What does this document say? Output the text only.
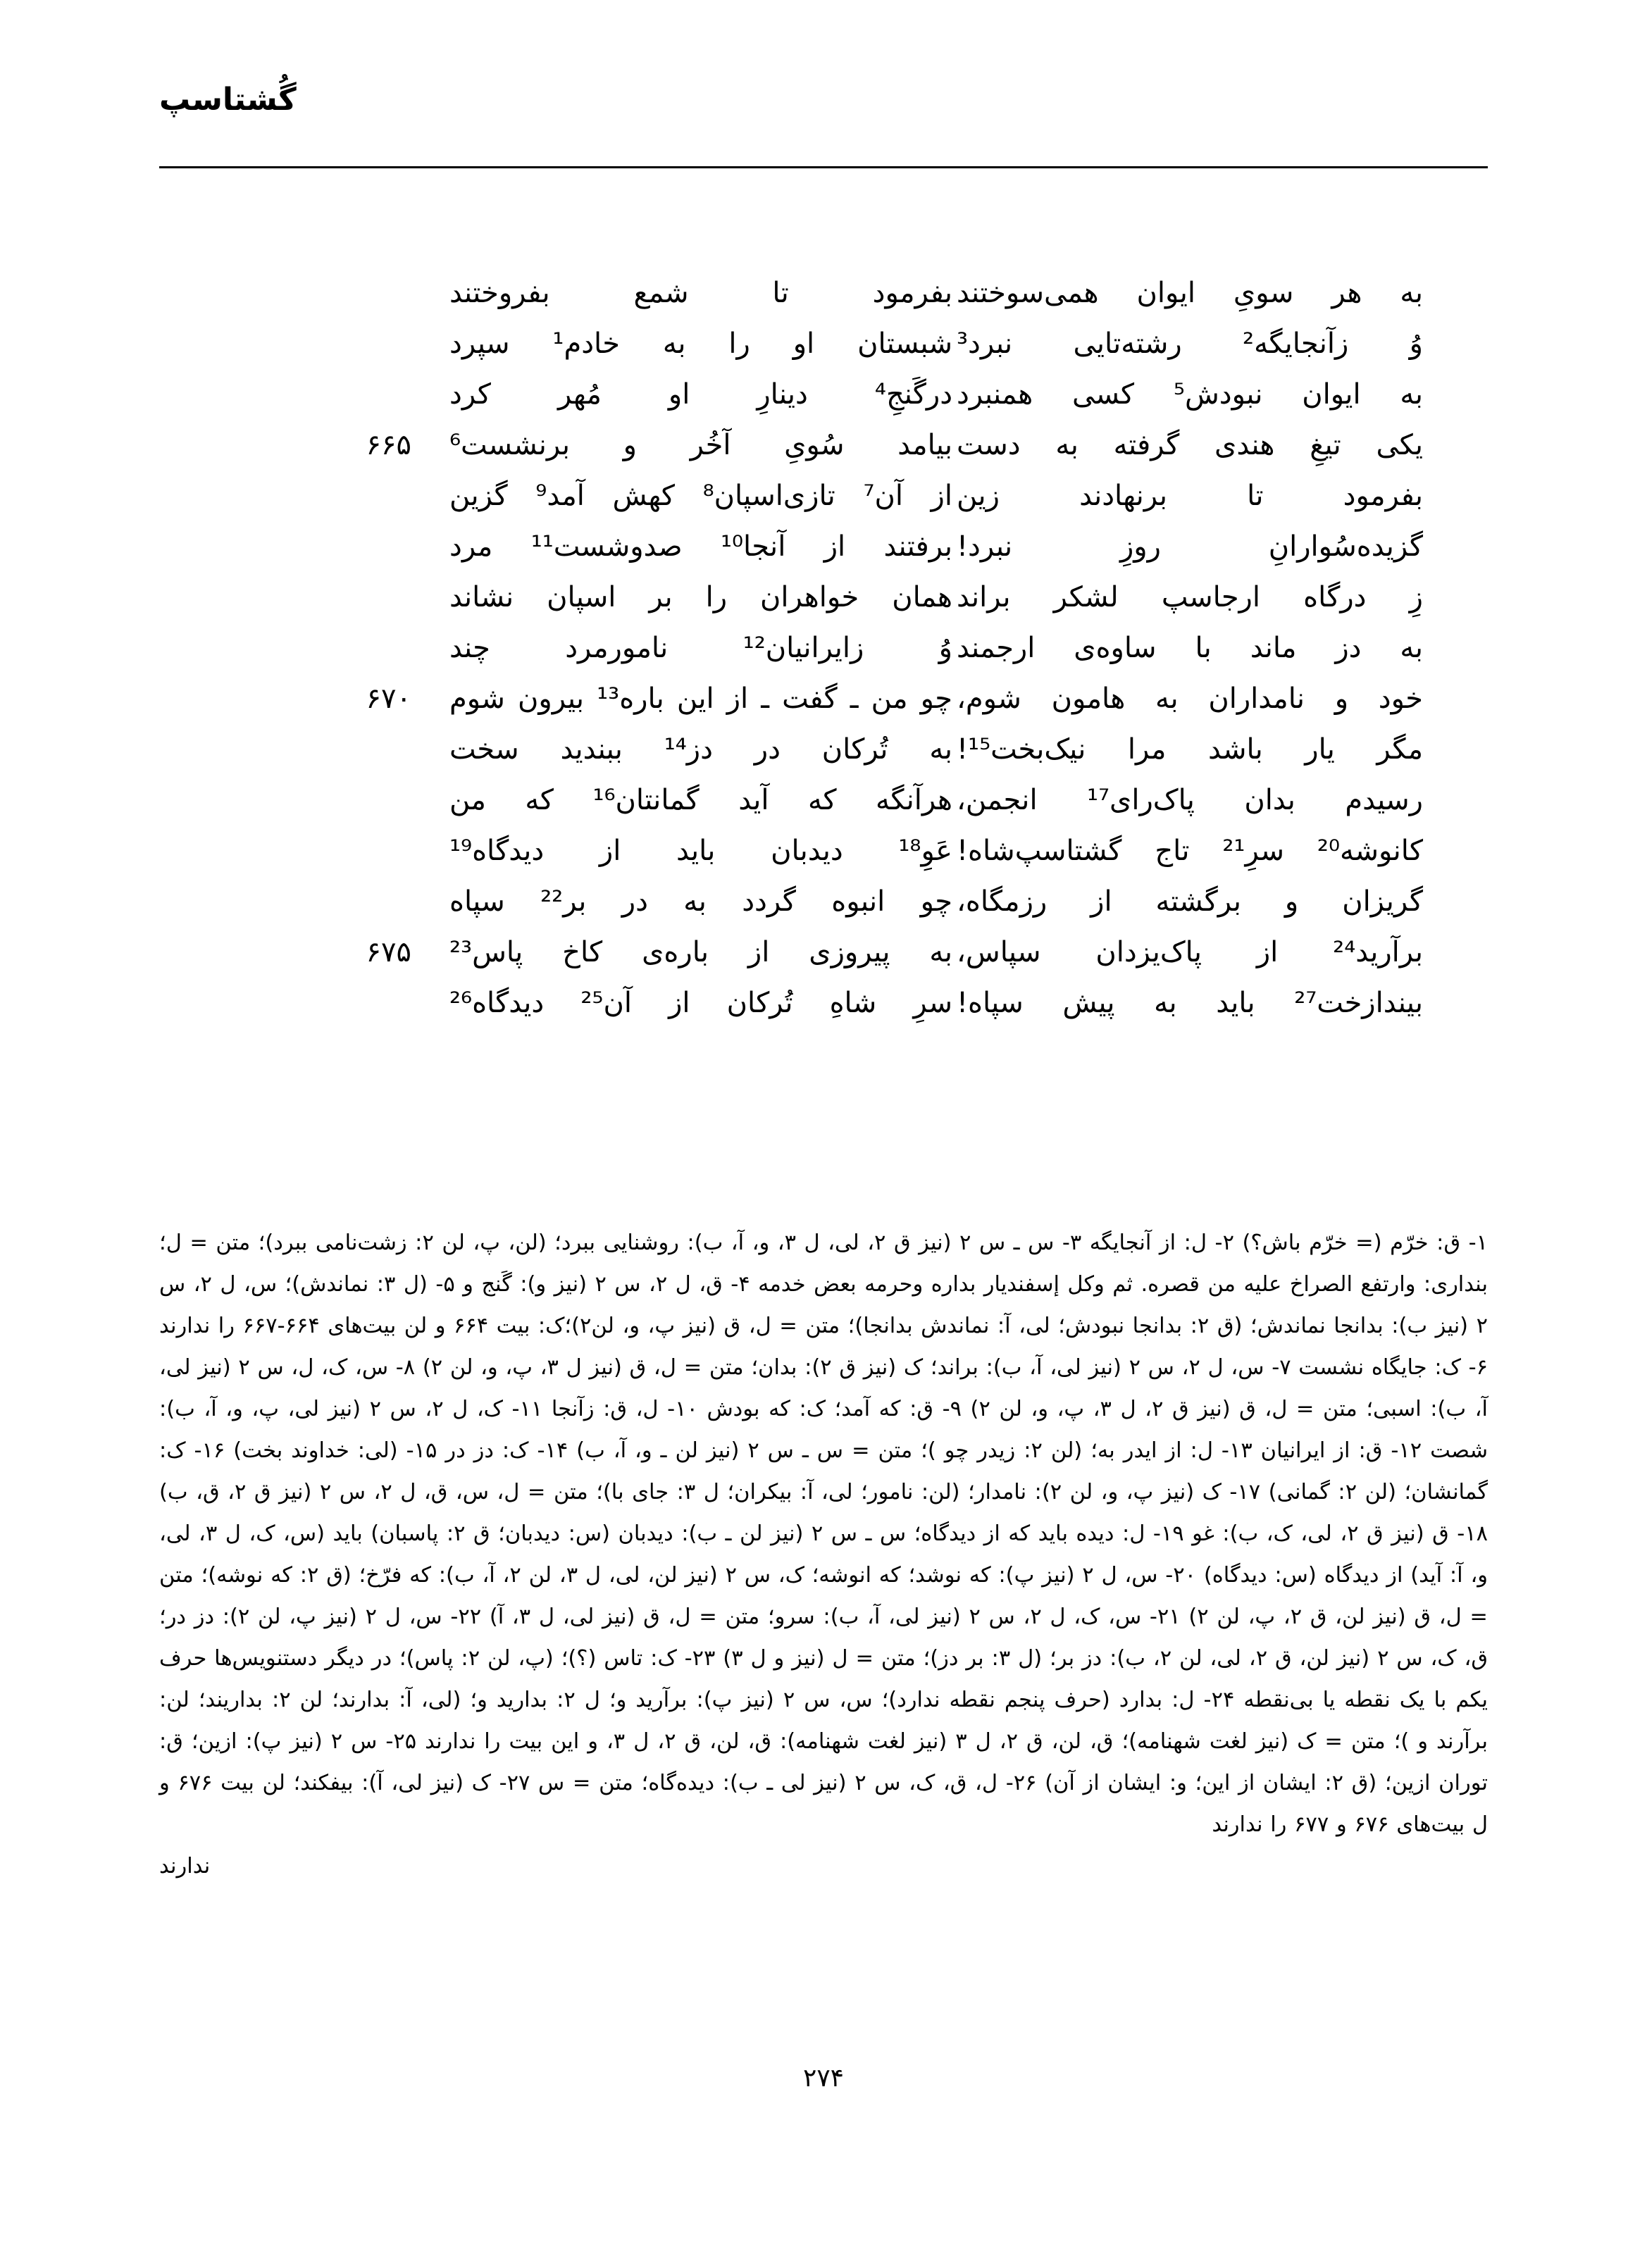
گُشتاسپ
به هر سویِ ایوان همی‌سوختند
بفرمود تا شمع بفروختند
وُ زآنجایگه² رشته‌تایی نبرد³
شبستان او را به خادم¹ سپرد
به ایوان نبودش⁵ کسی همنبرد
درگَنجِ⁴ دینارِ او مُهر کرد
یکی تیغِ هندی گرفته به دست
بیامد سُویِ آخُر و برنشست⁶
۶۶۵
بفرمود تا برنهادند زین
از آن⁷ تازی‌اسپان⁸ کهش آمد⁹ گزین
گزیده‌سُوارانِ روزِ نبرد!
برفتند از آنجا¹⁰ صدوشست¹¹ مرد
زِ درگاه ارجاسپ لشکر براند
همان خواهران را بر اسپان نشاند
به دز ماند با ساوه‌ی ارجمند
وُ زایرانیان¹² نامورمرد چند
خود و نامداران به هامون شوم،
چو من ـ گفت ـ از این باره¹³ بیرون شوم
۶۷۰
مگر یار باشد مرا نیک‌بخت¹⁵!
به تُرکان در دز¹⁴ ببندید سخت
رسیدم بدان پاک‌رای¹⁷ انجمن،
هرآنگه که آید گمانتان¹⁶ که من
کانوشه²⁰ سرِ²¹ تاج گشتاسپ‌شاه!
عَوِ¹⁸ دیدبان باید از دیدگاه¹⁹
گریزان و برگشته از رزمگاه،
چو انبوه گردد به در بر²² سپاه
برآرید²⁴ از پاک‌یزدان سپاس،
به پیروزی از باره‌ی کاخ پاس²³
۶۷۵
بیندازخت²⁷ باید به پیش سپاه!
سرِ شاهِ تُرکان از آن²⁵ دیدگاه²⁶

۱- ق: خرّم (= خرّم باش؟) ۲- ل: از آنجایگه ۳- س ـ س ۲ (نیز ق ۲، لی، ل ۳، و، آ، ب): روشنایی ببرد؛ (لن، پ، لن ۲: زشت‌نامی ببرد)؛ متن = ل؛ بنداری: وارتفع الصراخ علیه من قصره. ثم وكل إسفندیار بداره وحرمه بعض خدمه ۴- ق، ل ۲، س ۲ (نیز و): گَنج و ۵- (ل ۳: نماندش)؛ س، ل ۲، س ۲ (نیز ب): بدانجا نماندش؛ (ق ۲: بدانجا نبودش؛ لی، آ: نماندش بدانجا)؛ متن = ل، ق (نیز پ، و، لن۲)؛ک: بیت ۶۶۴ و لن بیت‌های ۶۶۴-۶۶۷ را ندارند ۶- ک: جایگاه نشست ۷- س، ل ۲، س ۲ (نیز لی، آ، ب): براند؛ ک (نیز ق ۲): بدان؛ متن = ل، ق (نیز ل ۳، پ، و، لن ۲) ۸- س، ک، ل، س ۲ (نیز لی، آ، ب): اسبی؛ متن = ل، ق (نیز ق ۲، ل ۳، پ، و، لن ۲) ۹- ق: که آمد؛ ک: که بودش ۱۰- ل، ق: زآنجا ۱۱- ک، ل ۲، س ۲ (نیز لی، پ، و، آ، ب): شصت ۱۲- ق: از ایرانیان ۱۳- ل: از ایدر به؛ (لن ۲: زیدر چو )؛ متن = س ـ س ۲ (نیز لن ـ و، آ، ب) ۱۴- ک: دز در ۱۵- (لی: خداوند بخت) ۱۶- ک: گمانشان؛ (لن ۲: گمانی) ۱۷- ک (نیز پ، و، لن ۲): نامدار؛ (لن: نامور؛ لی، آ: بیکران؛ ل ۳: جای با)؛ متن = ل، س، ق، ل ۲، س ۲ (نیز ق ۲، ق، ب) ۱۸- ق (نیز ق ۲، لی، ک، ب): غو ۱۹- ل: دیده باید که از دیدگاه؛ س ـ س ۲ (نیز لن ـ ب): دیدبان (س: دیدبان؛ ق ۲: پاسبان) باید (س، ک، ل ۳، لی، و، آ: آید) از دیدگاه (س: دیدگاه) ۲۰- س، ل ۲ (نیز پ): که نوشد؛ که انوشه؛ ک، س ۲ (نیز لن، لی، ل ۳، لن ۲، آ، ب): که فرّخ؛ (ق ۲: که نوشه)؛ متن = ل، ق (نیز لن، ق ۲، پ، لن ۲) ۲۱- س، ک، ل ۲، س ۲ (نیز لی، آ، ب): سرو؛ متن = ل، ق (نیز لی، ل ۳، آ) ۲۲- س، ل ۲ (نیز پ، لن ۲): دز در؛ ق، ک، س ۲ (نیز لن، ق ۲، لی، لن ۲، ب): دز بر؛ (ل ۳: بر دز)؛ متن = ل (نیز و ل ۳) ۲۳- ک: تاس (؟)؛ (پ، لن ۲: پاس)؛ در دیگر دستنویس‌ها حرف یکم با یک نقطه یا بی‌نقطه ۲۴- ل: بدارد (حرف پنجم نقطه ندارد)؛ س، س ۲ (نیز پ): برآرید و؛ ل ۲: بدارید و؛ (لی، آ: بدارند؛ لن ۲: بداریند؛ لن: برآرند و )؛ متن = ک (نیز لغت شهنامه)؛ ق، لن، ق ۲، ل ۳ (نیز لغت شهنامه): ق، لن، ق ۲، ل ۳، و این بیت را ندارند ۲۵- س ۲ (نیز پ): ازین؛ ق: توران ازین؛ (ق ۲: ایشان از این؛ و: ایشان از آن) ۲۶- ل، ق، ک، س ۲ (نیز لی ـ ب): دیده‌گاه؛ متن = س ۲۷- ک (نیز لی، آ): بیفکند؛ لن بیت ۶۷۶ و ل بیت‌های ۶۷۶ و ۶۷۷ را ندارند

ندارند

۲۷۴
